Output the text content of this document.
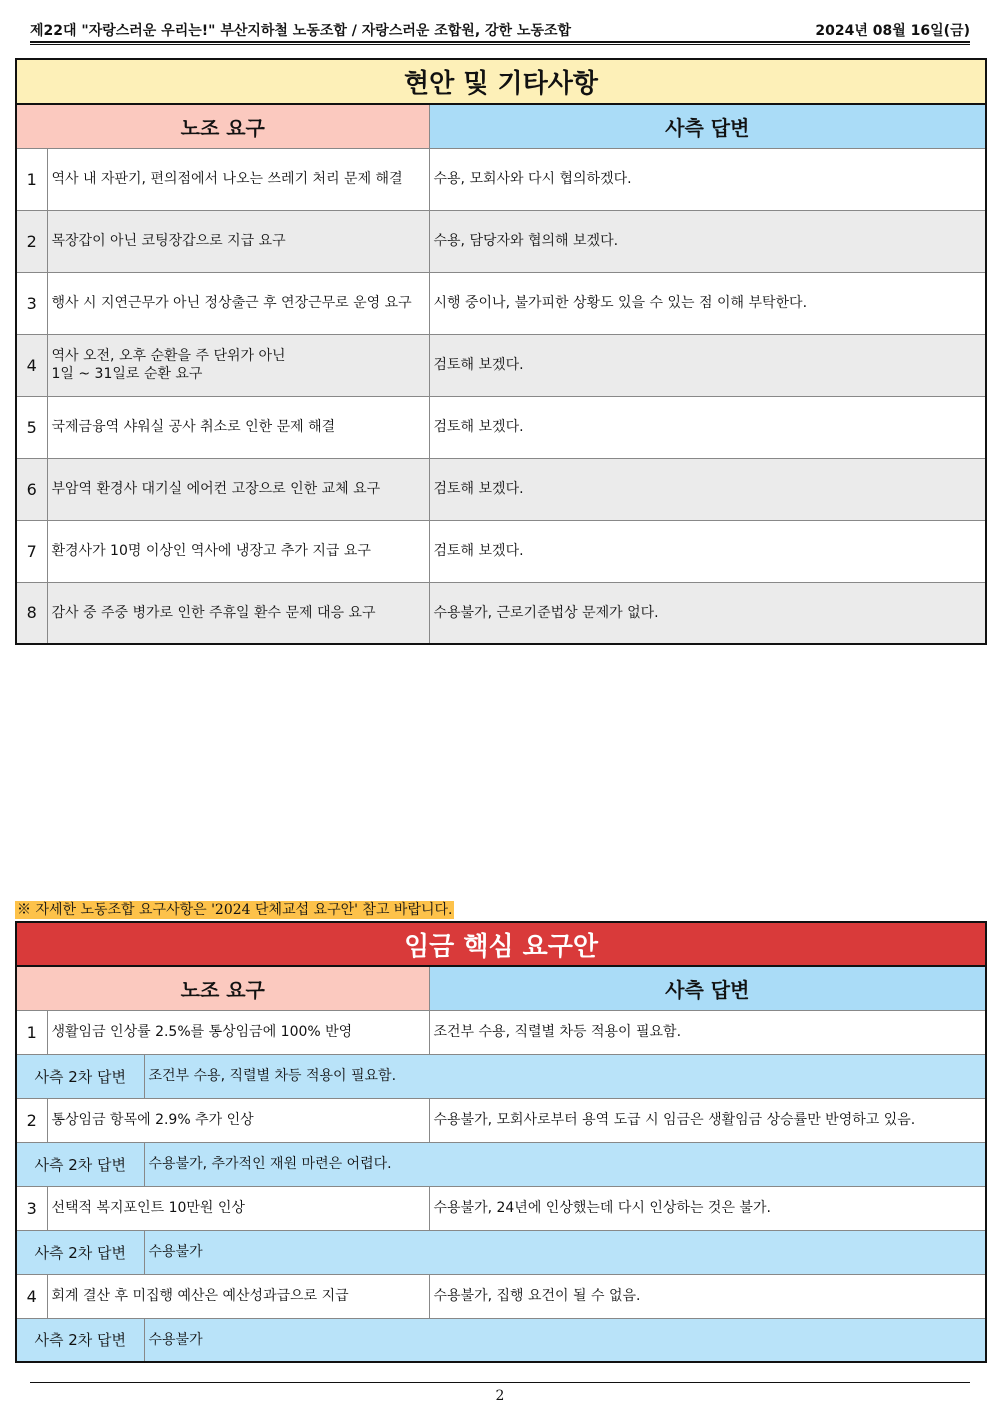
제22대 "자랑스러운 우리는!" 부산지하철 노동조합 / 자랑스러운 조합원, 강한 노동조합	2024년 08월 16일(금)
현안 및 기타사항		
노조 요구		사측 답변
1	역사 내 자판기, 편의점에서 나오는 쓰레기 처리 문제 해결	수용, 모회사와 다시 협의하겠다.
2	목장갑이 아닌 코팅장갑으로 지급 요구	수용, 담당자와 협의해 보겠다.
3	행사 시 지연근무가 아닌 정상출근 후 연장근무로 운영 요구	시행 중이나, 불가피한 상황도 있을 수 있는 점 이해 부탁한다.
4	역사 오전, 오후 순환을 주 단위가 아닌
1일 ~ 31일로 순환 요구	검토해 보겠다.
5	국제금융역 샤워실 공사 취소로 인한 문제 해결	검토해 보겠다.
6	부암역 환경사 대기실 에어컨 고장으로 인한 교체 요구	검토해 보겠다.
7	환경사가 10명 이상인 역사에 냉장고 추가 지급 요구	검토해 보겠다.
8	감사 중 주중 병가로 인한 주휴일 환수 문제 대응 요구	수용불가, 근로기준법상 문제가 없다.
※ 자세한 노동조합 요구사항은 '2024 단체교섭 요구안' 참고 바랍니다.
임금 핵심 요구안			
노조 요구			사측 답변
1	생활임금 인상률 2.5%를 통상임금에 100% 반영		조건부 수용, 직렬별 차등 적용이 필요함.
사측 2차 답변		조건부 수용, 직렬별 차등 적용이 필요함.	
2	통상임금 항목에 2.9% 추가 인상		수용불가, 모회사로부터 용역 도급 시 임금은 생활임금 상승률만 반영하고 있음.
사측 2차 답변		수용불가, 추가적인 재원 마련은 어렵다.	
3	선택적 복지포인트 10만원 인상		수용불가, 24년에 인상했는데 다시 인상하는 것은 불가.
사측 2차 답변		수용불가	
4	회계 결산 후 미집행 예산은 예산성과급으로 지급		수용불가, 집행 요건이 될 수 없음.
사측 2차 답변		수용불가	
2
